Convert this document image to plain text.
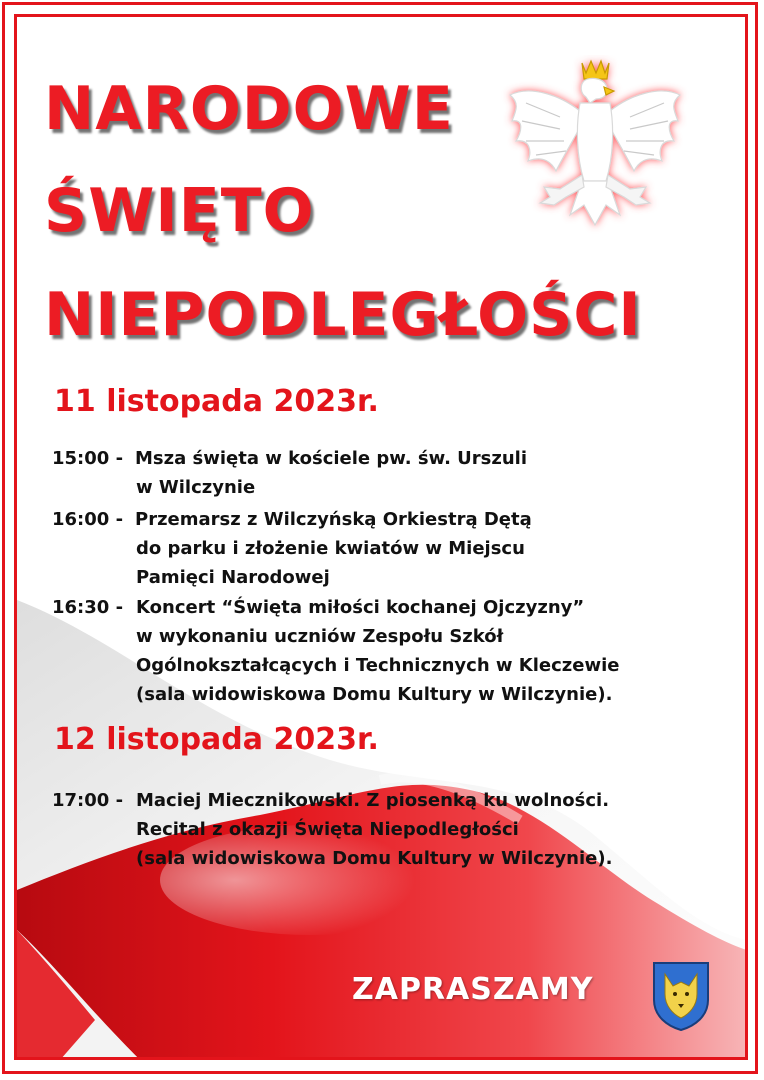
NARODOWE
ŚWIĘTO
NIEPODLEGŁOŚCI
11 listopada 2023r.
15:00 - Msza święta w kościele pw. św. Urszuli
w Wilczynie
16:00 - Przemarsz z Wilczyńską Orkiestrą Dętą
do parku i złożenie kwiatów w Miejscu
Pamięci Narodowej
16:30 - Koncert “Święta miłości kochanej Ojczyzny”
w wykonaniu uczniów Zespołu Szkół
Ogólnokształcących i Technicznych w Kleczewie
(sala widowiskowa Domu Kultury w Wilczynie).
12 listopada 2023r.
17:00 - Maciej Miecznikowski. Z piosenką ku wolności.
Recital z okazji Święta Niepodległości
(sala widowiskowa Domu Kultury w Wilczynie).
ZAPRASZAMY
